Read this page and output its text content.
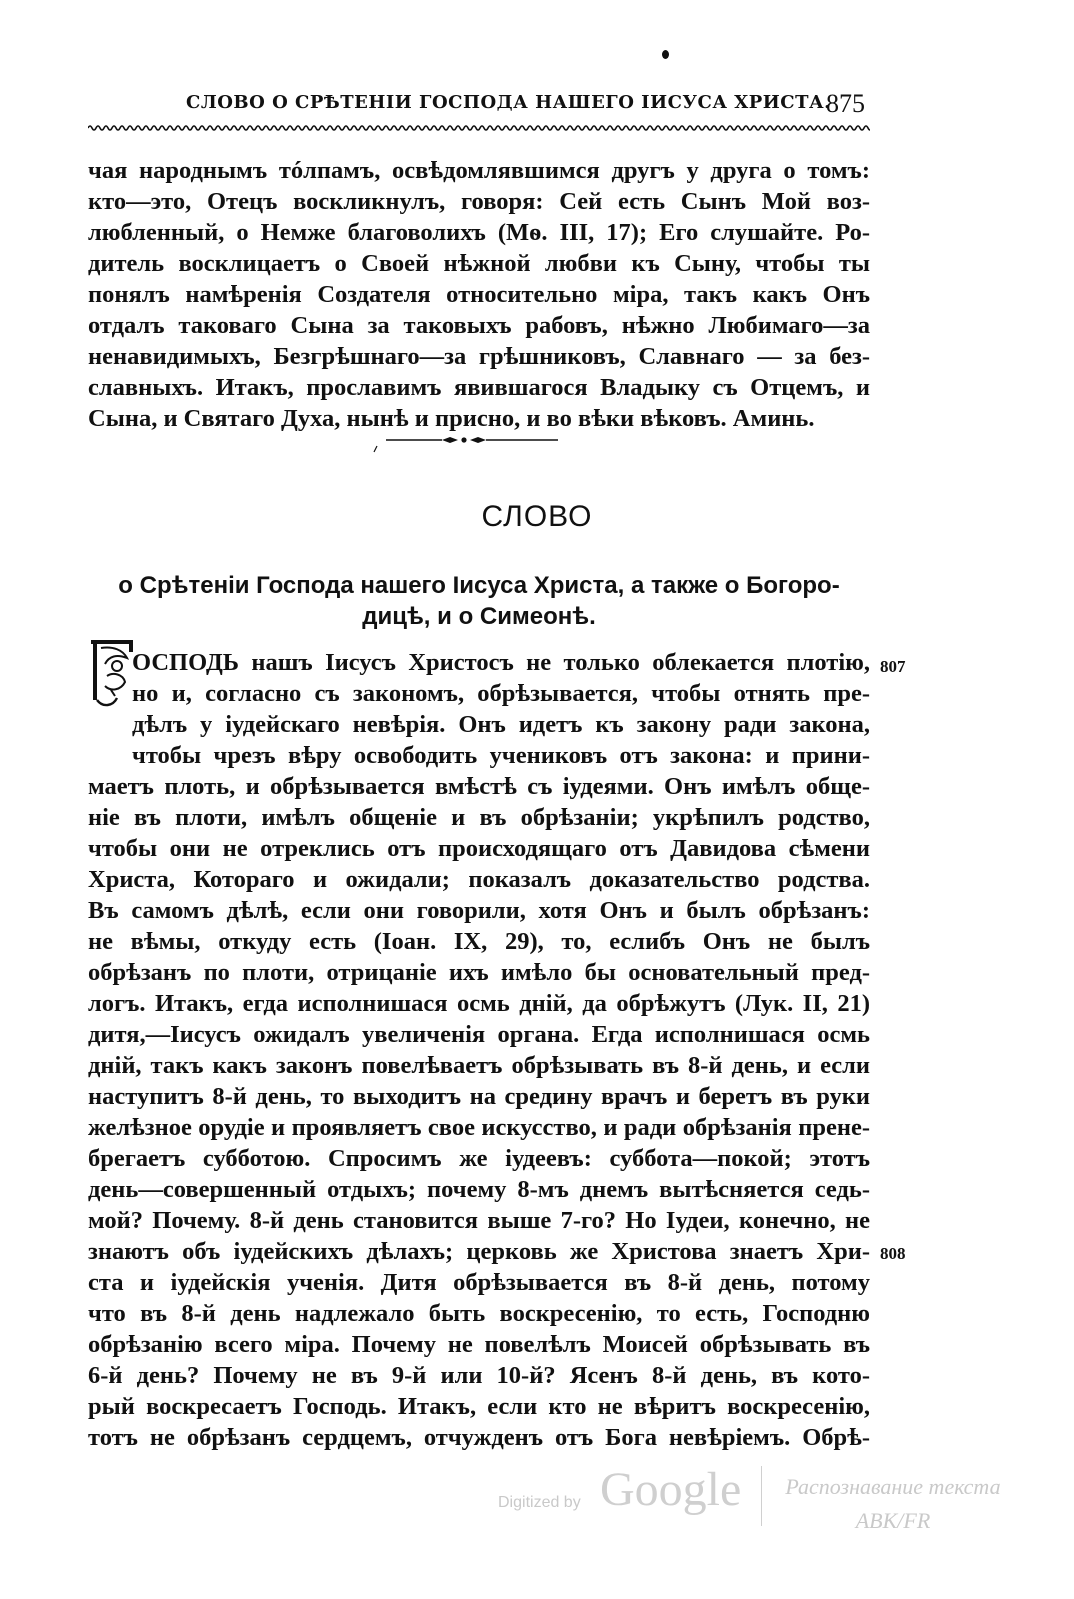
СЛОВО О СРѢТЕНІИ ГОСПОДА НАШЕГО ІИСУСА ХРИСТА.
875
чая народнымъ тóлпамъ, освѣдомлявшимся другъ у друга о томъ:
кто—это, Отецъ воскликнулъ, говоря: Сей есть Сынъ Мой воз-
любленный, о Немже благоволихъ (Мѳ. III, 17); Его слушайте. Ро-
дитель восклицаетъ о Своей нѣжной любви къ Сыну, чтобы ты
понялъ намѣренія Создателя относительно міра, такъ какъ Онъ
отдалъ таковаго Сына за таковыхъ рабовъ, нѣжно Любимаго—за
ненавидимыхъ, Безгрѣшнаго—за грѣшниковъ, Славнаго — за без-
славныхъ. Итакъ, прославимъ явившагося Владыку съ Отцемъ, и
Сына, и Святаго Духа, нынѣ и присно, и во вѣки вѣковъ. Аминь.
СЛОВО
о Срѣтеніи Господа нашего Іисуса Христа, а также о Богоро-
дицѣ, и о Симеонѣ.
ОСПОДЬ нашъ Іисусъ Христосъ не только облекается плотію,
но и, согласно съ закономъ, обрѣзывается, чтобы отнять пре-
дѣлъ у іудейскаго невѣрія. Онъ идетъ къ закону ради закона,
чтобы чрезъ вѣру освободить учениковъ отъ закона: и прини-
маетъ плоть, и обрѣзывается вмѣстѣ съ іудеями. Онъ имѣлъ обще-
ніе въ плоти, имѣлъ общеніе и въ обрѣзаніи; укрѣпилъ родство,
чтобы они не отреклись отъ происходящаго отъ Давидова сѣмени
Христа, Котораго и ожидали; показалъ доказательство родства.
Въ самомъ дѣлѣ, если они говорили, хотя Онъ и былъ обрѣзанъ:
не вѣмы, откуду есть (Іоан. IX, 29), то, еслибъ Онъ не былъ
обрѣзанъ по плоти, отрицаніе ихъ имѣло бы основательный пред-
логъ. Итакъ, егда исполнишася осмь дній, да обрѣжутъ (Лук. II, 21)
дитя,—Іисусъ ожидалъ увеличенія органа. Егда исполнишася осмь
дній, такъ какъ законъ повелѣваетъ обрѣзывать въ 8-й день, и если
наступитъ 8-й день, то выходитъ на средину врачъ и беретъ въ руки
желѣзное орудіе и проявляетъ свое искусство, и ради обрѣзанія прене-
брегаетъ субботою. Спросимъ же іудеевъ: суббота—покой; этотъ
день—совершенный отдыхъ; почему 8-мъ днемъ вытѣсняется седь-
мой? Почему. 8-й день становится выше 7-го? Но Іудеи, конечно, не
знаютъ объ іудейскихъ дѣлахъ; церковь же Христова знаетъ Хри-
ста и іудейскія ученія. Дитя обрѣзывается въ 8-й день, потому
что въ 8-й день надлежало быть воскресенію, то есть, Господню
обрѣзанію всего міра. Почему не повелѣлъ Моисей обрѣзывать въ
6-й день? Почему не въ 9-й или 10-й? Ясенъ 8-й день, въ кото-
рый воскресаетъ Господь. Итакъ, если кто не вѣритъ воскресенію,
тотъ не обрѣзанъ сердцемъ, отчужденъ отъ Бога невѣріемъ. Обрѣ-
807
808
Digitized by Google	Распознавание текста
ABK/FR
